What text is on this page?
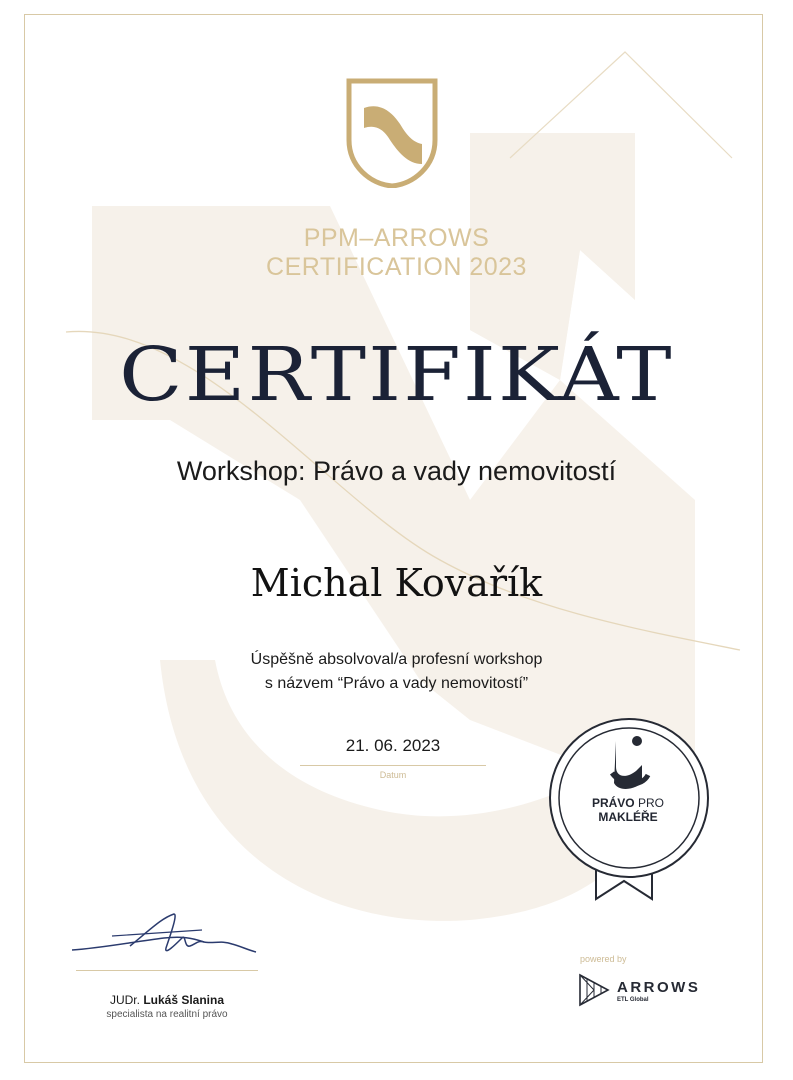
PPM–ARROWS
CERTIFICATION 2023
CERTIFIKÁT
Workshop: Právo a vady nemovitostí
Michal Kovařík
Úspěšně absolvoval/a profesní workshop
s názvem “Právo a vady nemovitostí”
21. 06. 2023
Datum
PRÁVO PRO
MAKLÉŘE
JUDr. Lukáš Slanina
specialista na realitní právo
powered by
ARROWS
ETL Global
